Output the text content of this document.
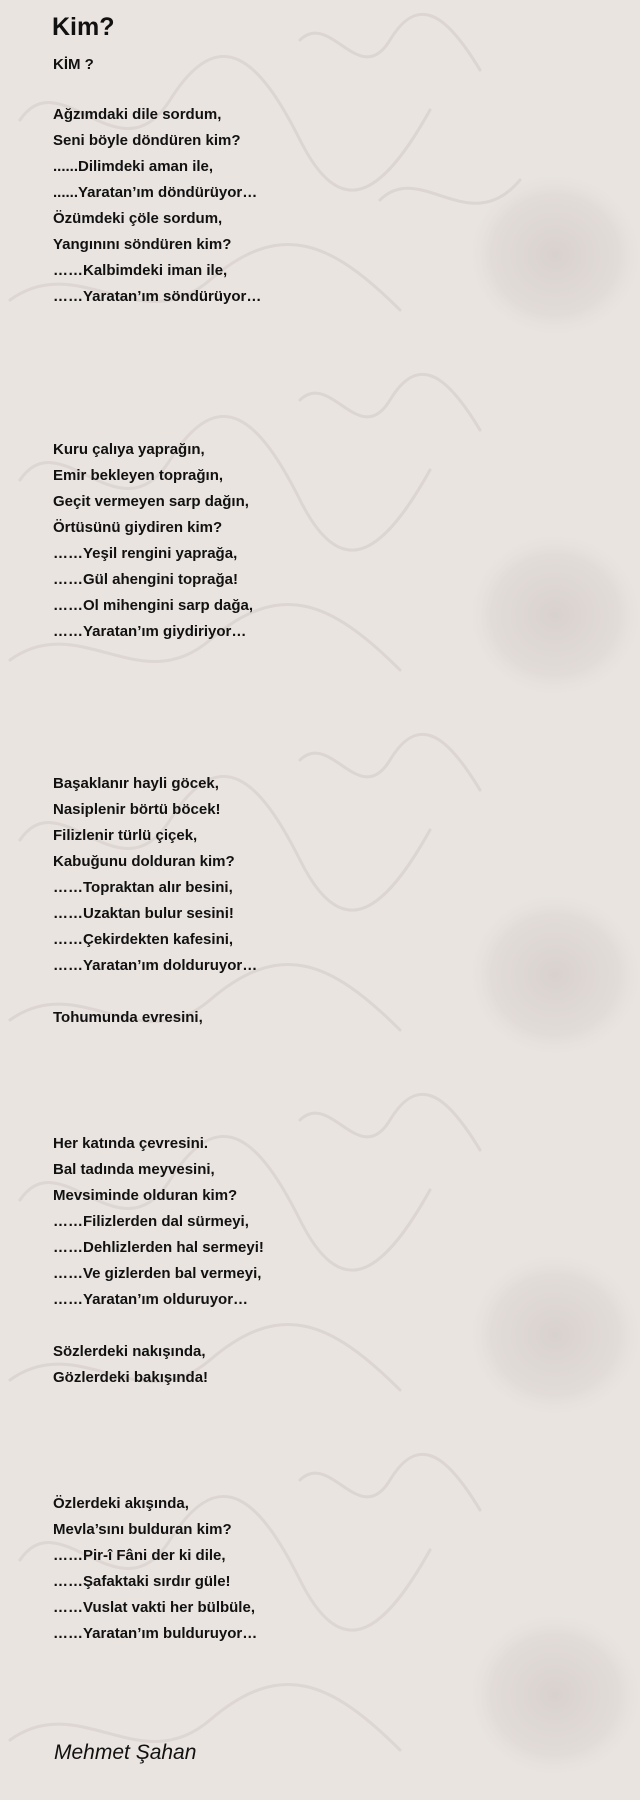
Kim?
KİM ?
Ağzımdaki dile sordum,
Seni böyle döndüren kim?
......Dilimdeki aman ile,
......Yaratan’ım döndürüyor…
Özümdeki çöle sordum,
Yangınını söndüren kim?
……Kalbimdeki iman ile,
……Yaratan’ım söndürüyor…
Kuru çalıya yaprağın,
Emir bekleyen toprağın,
Geçit vermeyen sarp dağın,
Örtüsünü giydiren kim?
……Yeşil rengini yaprağa,
……Gül ahengini toprağa!
……Ol mihengini sarp dağa,
……Yaratan’ım giydiriyor…
Başaklanır hayli göcek,
Nasiplenir börtü böcek!
Filizlenir türlü çiçek,
Kabuğunu dolduran kim?
……Topraktan alır besini,
……Uzaktan bulur sesini!
……Çekirdekten kafesini,
……Yaratan’ım dolduruyor…
Tohumunda evresini,
Her katında çevresini.
Bal tadında meyvesini,
Mevsiminde olduran kim?
……Filizlerden dal sürmeyi,
……Dehlizlerden hal sermeyi!
……Ve gizlerden bal vermeyi,
……Yaratan’ım olduruyor…
Sözlerdeki nakışında,
Gözlerdeki bakışında!
Özlerdeki akışında,
Mevla’sını bulduran kim?
……Pir-î Fâni der ki dile,
……Şafaktaki sırdır güle!
……Vuslat vakti her bülbüle,
……Yaratan’ım bulduruyor…
Mehmet Şahan
